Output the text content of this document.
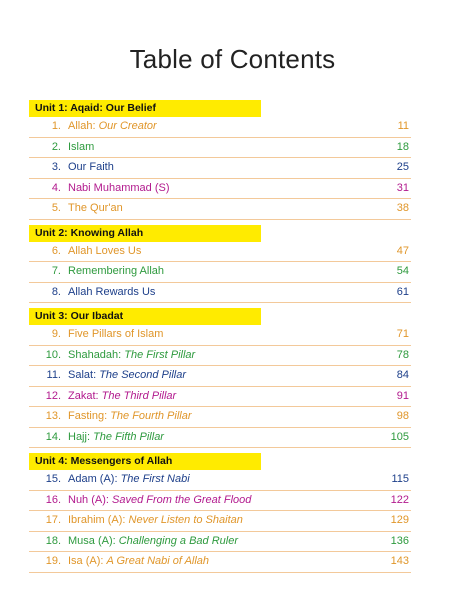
Table of Contents
Unit 1: Aqaid: Our Belief
1. Allah: Our Creator	11
2. Islam	18
3. Our Faith	25
4. Nabi Muhammad (S)	31
5. The Qur'an	38
Unit 2: Knowing Allah
6. Allah Loves Us	47
7. Remembering Allah	54
8. Allah Rewards Us	61
Unit 3: Our Ibadat
9. Five Pillars of Islam	71
10. Shahadah: The First Pillar	78
11. Salat: The Second Pillar	84
12. Zakat: The Third Pillar	91
13. Fasting: The Fourth Pillar	98
14. Hajj: The Fifth Pillar	105
Unit 4: Messengers of Allah
15. Adam (A): The First Nabi	115
16. Nuh (A): Saved From the Great Flood	122
17. Ibrahim (A): Never Listen to Shaitan	129
18. Musa (A): Challenging a Bad Ruler	136
19. Isa (A): A Great Nabi of Allah	143
